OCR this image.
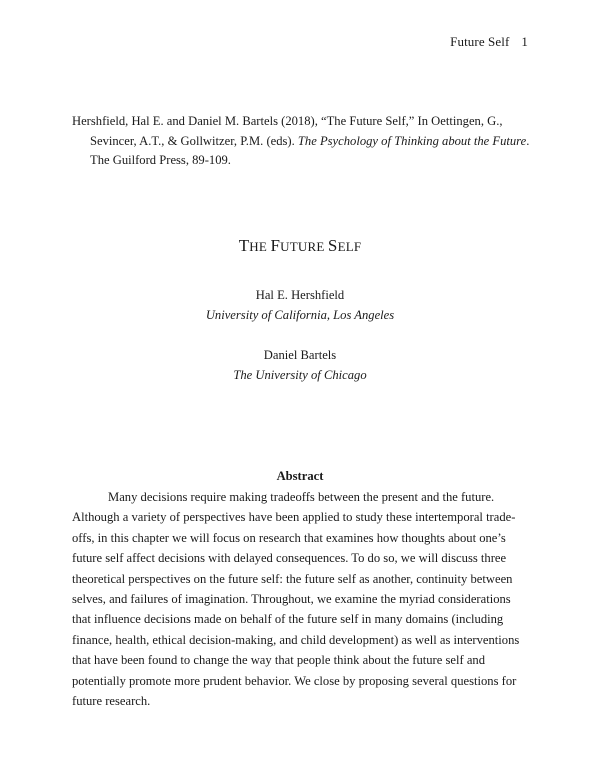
Future Self 1
Hershfield, Hal E. and Daniel M. Bartels (2018), “The Future Self,” In Oettingen, G., Sevincer, A.T., & Gollwitzer, P.M. (eds). The Psychology of Thinking about the Future. The Guilford Press, 89-109.
THE FUTURE SELF
Hal E. Hershfield
University of California, Los Angeles
Daniel Bartels
The University of Chicago
Abstract
Many decisions require making tradeoffs between the present and the future. Although a variety of perspectives have been applied to study these intertemporal trade-offs, in this chapter we will focus on research that examines how thoughts about one’s future self affect decisions with delayed consequences. To do so, we will discuss three theoretical perspectives on the future self: the future self as another, continuity between selves, and failures of imagination. Throughout, we examine the myriad considerations that influence decisions made on behalf of the future self in many domains (including finance, health, ethical decision-making, and child development) as well as interventions that have been found to change the way that people think about the future self and potentially promote more prudent behavior. We close by proposing several questions for future research.
